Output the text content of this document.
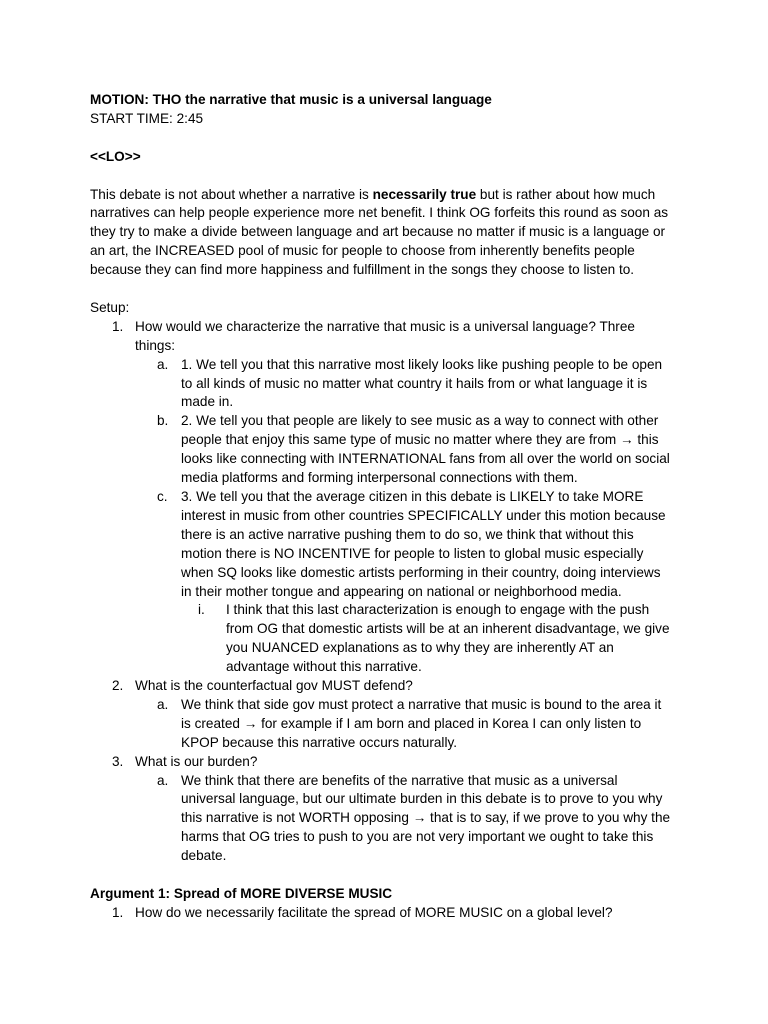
MOTION: THO the narrative that music is a universal language
START TIME: 2:45
<<LO>>
This debate is not about whether a narrative is necessarily true but is rather about how much
narratives can help people experience more net benefit. I think OG forfeits this round as soon as
they try to make a divide between language and art because no matter if music is a language or
an art, the INCREASED pool of music for people to choose from inherently benefits people
because they can find more happiness and fulfillment in the songs they choose to listen to.
Setup:
1. How would we characterize the narrative that music is a universal language? Three
things:
a. 1. We tell you that this narrative most likely looks like pushing people to be open
to all kinds of music no matter what country it hails from or what language it is
made in.
b. 2. We tell you that people are likely to see music as a way to connect with other
people that enjoy this same type of music no matter where they are from → this
looks like connecting with INTERNATIONAL fans from all over the world on social
media platforms and forming interpersonal connections with them.
c. 3. We tell you that the average citizen in this debate is LIKELY to take MORE
interest in music from other countries SPECIFICALLY under this motion because
there is an active narrative pushing them to do so, we think that without this
motion there is NO INCENTIVE for people to listen to global music especially
when SQ looks like domestic artists performing in their country, doing interviews
in their mother tongue and appearing on national or neighborhood media.
i. I think that this last characterization is enough to engage with the push
from OG that domestic artists will be at an inherent disadvantage, we give
you NUANCED explanations as to why they are inherently AT an
advantage without this narrative.
2. What is the counterfactual gov MUST defend?
a. We think that side gov must protect a narrative that music is bound to the area it
is created → for example if I am born and placed in Korea I can only listen to
KPOP because this narrative occurs naturally.
3. What is our burden?
a. We think that there are benefits of the narrative that music as a universal
universal language, but our ultimate burden in this debate is to prove to you why
this narrative is not WORTH opposing → that is to say, if we prove to you why the
harms that OG tries to push to you are not very important we ought to take this
debate.
Argument 1: Spread of MORE DIVERSE MUSIC
1. How do we necessarily facilitate the spread of MORE MUSIC on a global level?
